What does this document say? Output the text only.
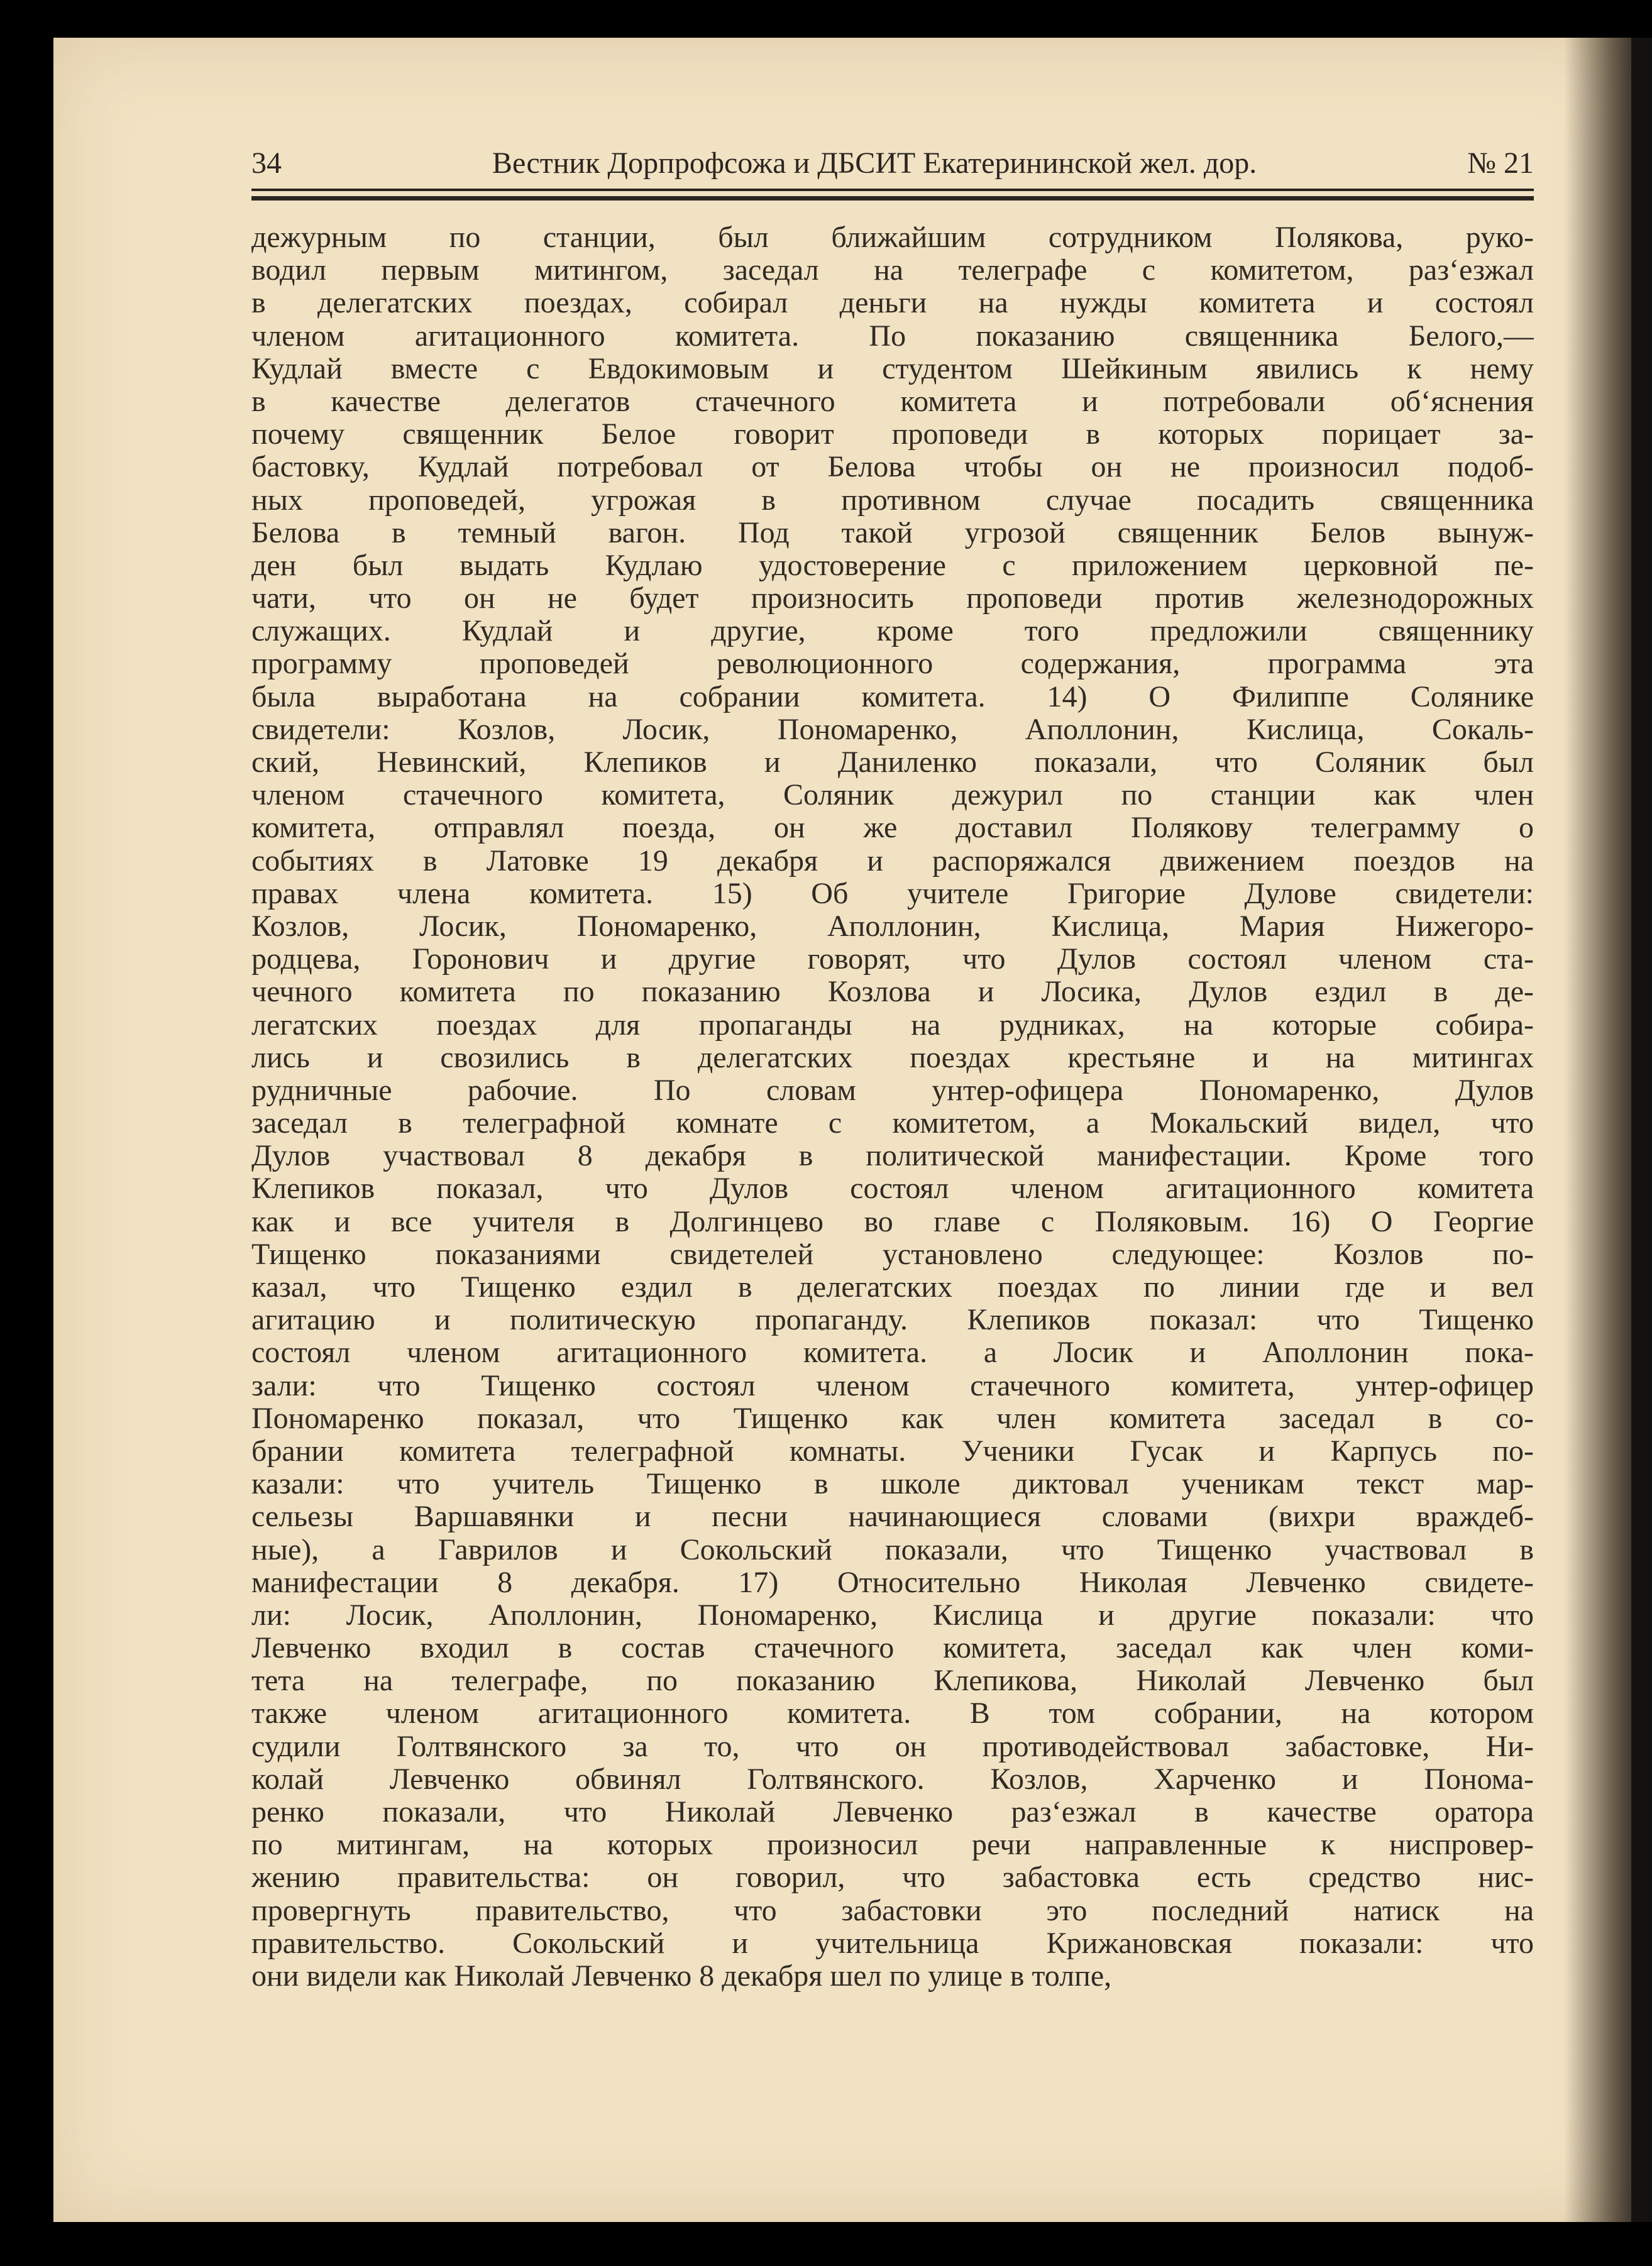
34	Вестник Дорпрофсожа и ДБСИТ Екатерининской жел. дор.	№ 21
дежурным по станции, был ближайшим сотрудником Полякова, руко-
водил первым митингом, заседал на телеграфе с комитетом, раз‘езжал
в делегатских поездах, собирал деньги на нужды комитета и состоял
членом агитационного комитета. По показанию священника Белого,—
Кудлай вместе с Евдокимовым и студентом Шейкиным явились к нему
в качестве делегатов стачечного комитета и потребовали об‘яснения
почему священник Белое говорит проповеди в которых порицает за-
бастовку, Кудлай потребовал от Белова чтобы он не произносил подоб-
ных проповедей, угрожая в противном случае посадить священника
Белова в темный вагон. Под такой угрозой священник Белов вынуж-
ден был выдать Кудлаю удостоверение с приложением церковной пе-
чати, что он не будет произносить проповеди против железнодорожных
служащих. Кудлай и другие, кроме того предложили священнику
программу проповедей революционного содержания, программа эта
была выработана на собрании комитета. 14) О Филиппе Солянике
свидетели: Козлов, Лосик, Пономаренко, Аполлонин, Кислица, Сокаль-
ский, Невинский, Клепиков и Даниленко показали, что Соляник был
членом стачечного комитета, Соляник дежурил по станции как член
комитета, отправлял поезда, он же доставил Полякову телеграмму о
событиях в Латовке 19 декабря и распоряжался движением поездов на
правах члена комитета. 15) Об учителе Григорие Дулове свидетели:
Козлов, Лосик, Пономаренко, Аполлонин, Кислица, Мария Нижегоро-
родцева, Горонович и другие говорят, что Дулов состоял членом ста-
чечного комитета по показанию Козлова и Лосика, Дулов ездил в де-
легатских поездах для пропаганды на рудниках, на которые собира-
лись и свозились в делегатских поездах крестьяне и на митингах
рудничные рабочие. По словам унтер-офицера Пономаренко, Дулов
заседал в телеграфной комнате с комитетом, а Мокальский видел, что
Дулов участвовал 8 декабря в политической манифестации. Кроме того
Клепиков показал, что Дулов состоял членом агитационного комитета
как и все учителя в Долгинцево во главе с Поляковым. 16) О Георгие
Тищенко показаниями свидетелей установлено следующее: Козлов по-
казал, что Тищенко ездил в делегатских поездах по линии где и вел
агитацию и политическую пропаганду. Клепиков показал: что Тищенко
состоял членом агитационного комитета. а Лосик и Аполлонин пока-
зали: что Тищенко состоял членом стачечного комитета, унтер-офицер
Пономаренко показал, что Тищенко как член комитета заседал в со-
брании комитета телеграфной комнаты. Ученики Гусак и Карпусь по-
казали: что учитель Тищенко в школе диктовал ученикам текст мар-
сельезы Варшавянки и песни начинающиеся словами (вихри враждеб-
ные), а Гаврилов и Сокольский показали, что Тищенко участвовал в
манифестации 8 декабря. 17) Относительно Николая Левченко свидете-
ли: Лосик, Аполлонин, Пономаренко, Кислица и другие показали: что
Левченко входил в состав стачечного комитета, заседал как член коми-
тета на телеграфе, по показанию Клепикова, Николай Левченко был
также членом агитационного комитета. В том собрании, на котором
судили Голтвянского за то, что он противодействовал забастовке, Ни-
колай Левченко обвинял Голтвянского. Козлов, Харченко и Понома-
ренко показали, что Николай Левченко раз‘езжал в качестве оратора
по митингам, на которых произносил речи направленные к ниспровер-
жению правительства: он говорил, что забастовка есть средство нис-
провергнуть правительство, что забастовки это последний натиск на
правительство. Сокольский и учительница Крижановская показали: что
они видели как Николай Левченко 8 декабря шел по улице в толпе,
